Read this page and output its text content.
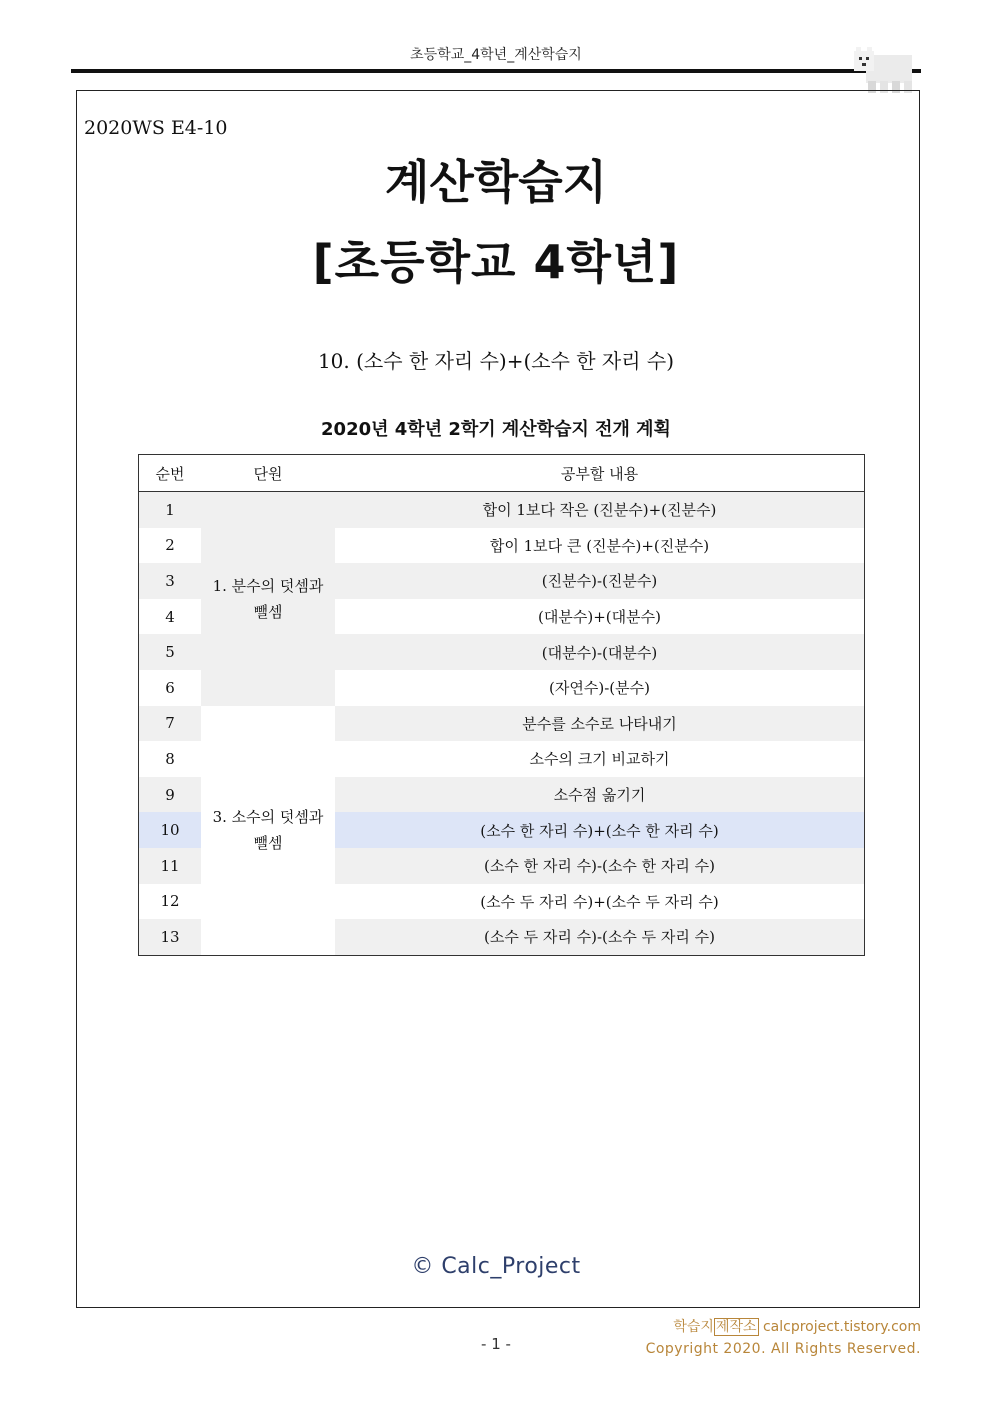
초등학교_4학년_계산학습지
2020WS E4-10
계산학습지
[초등학교 4학년]
10. (소수 한 자리 수)+(소수 한 자리 수)
2020년 4학년 2학기 계산학습지 전개 계획
순번	단원	공부할 내용
1	1. 분수의 덧셈과 뺄셈	합이 1보다 작은 (진분수)+(진분수)
2		합이 1보다 큰 (진분수)+(진분수)
3		(진분수)-(진분수)
4		(대분수)+(대분수)
5		(대분수)-(대분수)
6		(자연수)-(분수)
7	3. 소수의 덧셈과 뺄셈	분수를 소수로 나타내기
8		소수의 크기 비교하기
9		소수점 옮기기
10		(소수 한 자리 수)+(소수 한 자리 수)
11		(소수 한 자리 수)-(소수 한 자리 수)
12		(소수 두 자리 수)+(소수 두 자리 수)
13		(소수 두 자리 수)-(소수 두 자리 수)
© Calc_Project
학습지 제작소 calcproject.tistory.com
- 1 -	Copyright 2020. All Rights Reserved.
